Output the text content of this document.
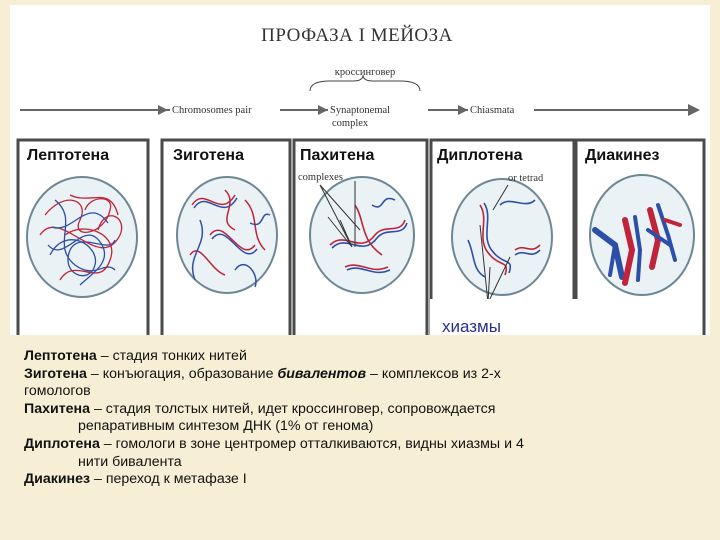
ПРОФАЗА I МЕЙОЗА
кроссинговер
Chromosomes pair	Synaptonemal
complex
Chiasmata
Лептотена	Зиготена	Пахитена	Диплотена	Диакинез
complexes	or tetrad
хиазмы

Лептотена – стадия тонких нитей

Зиготена – конъюгация, образование бивалентов – комплексов из 2-х
гомологов

Пахитена – стадия толстых нитей, идет кроссинговер, сопровождается
репаративным синтезом ДНК (1% от генома)

Диплотена – гомологи в зоне центромер отталкиваются, видны хиазмы и 4
нити бивалента

Диакинез – переход к метафазе I
